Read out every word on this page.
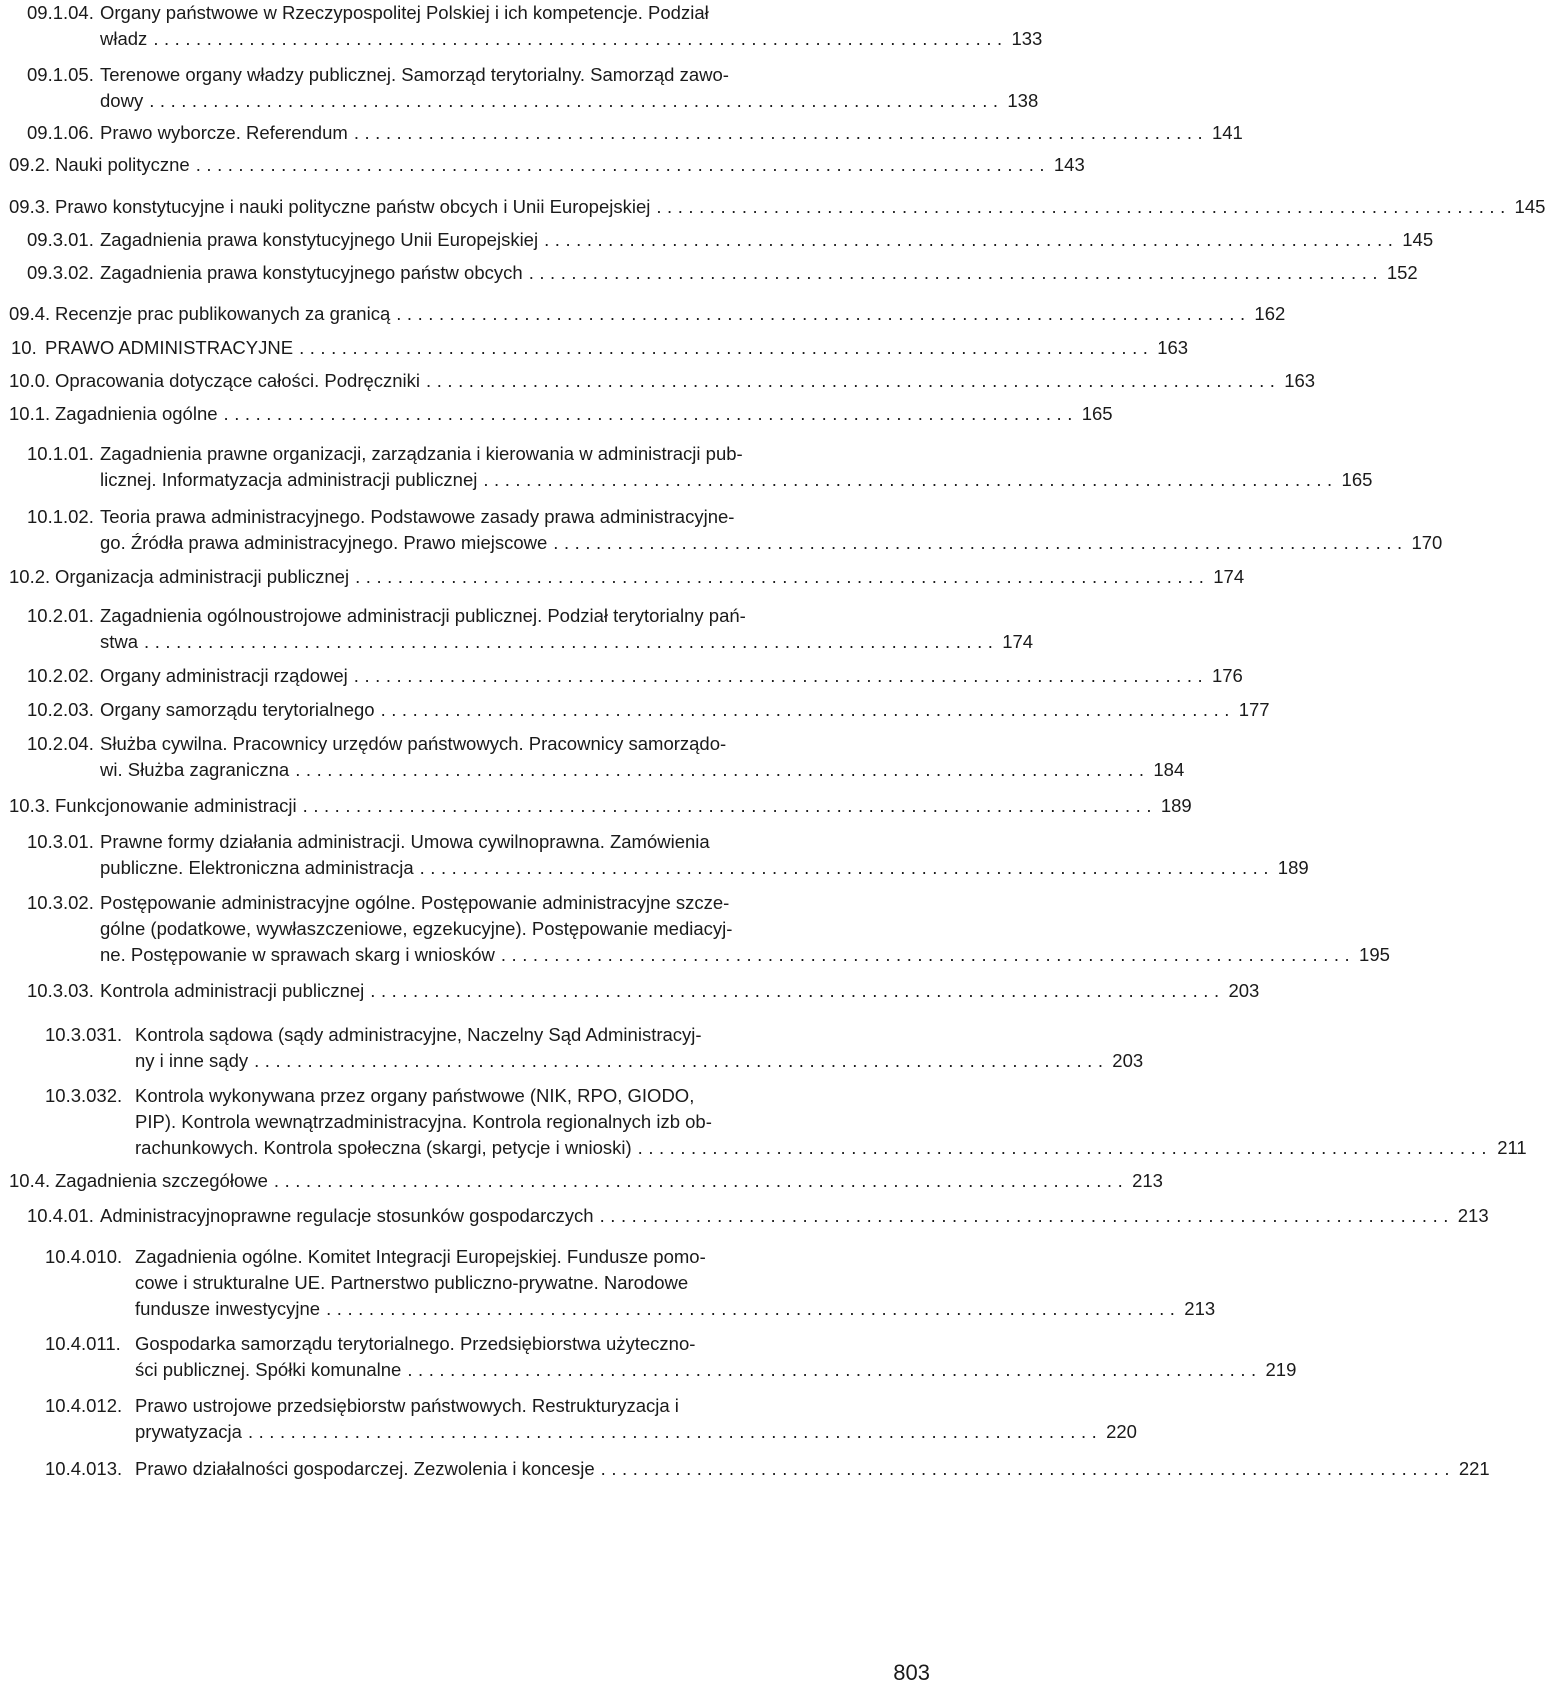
09.1.04. Organy państwowe w Rzeczypospolitej Polskiej i ich kompetencje. Podział
władz . . . . . . . . . . . . . . . . . . . . . . . . . . . . . . . . . . . . . . . . . . . . . . . . . . . . . . . . . . . . . . . . . . . . . . . . . . . . . . . . 133
09.1.05. Terenowe organy władzy publicznej. Samorząd terytorialny. Samorząd zawo-
dowy . . . . . . . . . . . . . . . . . . . . . . . . . . . . . . . . . . . . . . . . . . . . . . . . . . . . . . . . . . . . . . . . . . . . . . . . . . . . . . . . 138
09.1.06. Prawo wyborcze. Referendum . . . . . . . . . . . . . . . . . . . . . . . . . . . . . . . . . . . . . . . . . . . . . . . . . . . . . . . . . . . . . . . . . . . . . . . . . . . . . . . . 141
09.2. Nauki polityczne . . . . . . . . . . . . . . . . . . . . . . . . . . . . . . . . . . . . . . . . . . . . . . . . . . . . . . . . . . . . . . . . . . . . . . . . . . . . . . . . 143
09.3. Prawo konstytucyjne i nauki polityczne państw obcych i Unii Europejskiej . . . . . . . . . . . . . . . . . . . . . . . . . . . . . . . . . . . . . . . . . . . . . . . . . . . . . . . . . . . . . . . . . . . . . . . . . . . . . . . . 145
09.3.01. Zagadnienia prawa konstytucyjnego Unii Europejskiej . . . . . . . . . . . . . . . . . . . . . . . . . . . . . . . . . . . . . . . . . . . . . . . . . . . . . . . . . . . . . . . . . . . . . . . . . . . . . . . . 145
09.3.02. Zagadnienia prawa konstytucyjnego państw obcych . . . . . . . . . . . . . . . . . . . . . . . . . . . . . . . . . . . . . . . . . . . . . . . . . . . . . . . . . . . . . . . . . . . . . . . . . . . . . . . . 152
09.4. Recenzje prac publikowanych za granicą . . . . . . . . . . . . . . . . . . . . . . . . . . . . . . . . . . . . . . . . . . . . . . . . . . . . . . . . . . . . . . . . . . . . . . . . . . . . . . . . 162
10. PRAWO ADMINISTRACYJNE . . . . . . . . . . . . . . . . . . . . . . . . . . . . . . . . . . . . . . . . . . . . . . . . . . . . . . . . . . . . . . . . . . . . . . . . . . . . . . . . 163
10.0. Opracowania dotyczące całości. Podręczniki . . . . . . . . . . . . . . . . . . . . . . . . . . . . . . . . . . . . . . . . . . . . . . . . . . . . . . . . . . . . . . . . . . . . . . . . . . . . . . . . 163
10.1. Zagadnienia ogólne . . . . . . . . . . . . . . . . . . . . . . . . . . . . . . . . . . . . . . . . . . . . . . . . . . . . . . . . . . . . . . . . . . . . . . . . . . . . . . . . 165
10.1.01. Zagadnienia prawne organizacji, zarządzania i kierowania w administracji pub-
licznej. Informatyzacja administracji publicznej . . . . . . . . . . . . . . . . . . . . . . . . . . . . . . . . . . . . . . . . . . . . . . . . . . . . . . . . . . . . . . . . . . . . . . . . . . . . . . . . 165
10.1.02. Teoria prawa administracyjnego. Podstawowe zasady prawa administracyjne-
go. Źródła prawa administracyjnego. Prawo miejscowe . . . . . . . . . . . . . . . . . . . . . . . . . . . . . . . . . . . . . . . . . . . . . . . . . . . . . . . . . . . . . . . . . . . . . . . . . . . . . . . . 170
10.2. Organizacja administracji publicznej . . . . . . . . . . . . . . . . . . . . . . . . . . . . . . . . . . . . . . . . . . . . . . . . . . . . . . . . . . . . . . . . . . . . . . . . . . . . . . . . 174
10.2.01. Zagadnienia ogólnoustrojowe administracji publicznej. Podział terytorialny pań-
stwa . . . . . . . . . . . . . . . . . . . . . . . . . . . . . . . . . . . . . . . . . . . . . . . . . . . . . . . . . . . . . . . . . . . . . . . . . . . . . . . . 174
10.2.02. Organy administracji rządowej . . . . . . . . . . . . . . . . . . . . . . . . . . . . . . . . . . . . . . . . . . . . . . . . . . . . . . . . . . . . . . . . . . . . . . . . . . . . . . . . 176
10.2.03. Organy samorządu terytorialnego . . . . . . . . . . . . . . . . . . . . . . . . . . . . . . . . . . . . . . . . . . . . . . . . . . . . . . . . . . . . . . . . . . . . . . . . . . . . . . . . 177
10.2.04. Służba cywilna. Pracownicy urzędów państwowych. Pracownicy samorządo-
wi. Służba zagraniczna . . . . . . . . . . . . . . . . . . . . . . . . . . . . . . . . . . . . . . . . . . . . . . . . . . . . . . . . . . . . . . . . . . . . . . . . . . . . . . . . 184
10.3. Funkcjonowanie administracji . . . . . . . . . . . . . . . . . . . . . . . . . . . . . . . . . . . . . . . . . . . . . . . . . . . . . . . . . . . . . . . . . . . . . . . . . . . . . . . . 189
10.3.01. Prawne formy działania administracji. Umowa cywilnoprawna. Zamówienia
publiczne. Elektroniczna administracja . . . . . . . . . . . . . . . . . . . . . . . . . . . . . . . . . . . . . . . . . . . . . . . . . . . . . . . . . . . . . . . . . . . . . . . . . . . . . . . . 189
10.3.02. Postępowanie administracyjne ogólne. Postępowanie administracyjne szcze-
gólne (podatkowe, wywłaszczeniowe, egzekucyjne). Postępowanie mediacyj-
ne. Postępowanie w sprawach skarg i wniosków . . . . . . . . . . . . . . . . . . . . . . . . . . . . . . . . . . . . . . . . . . . . . . . . . . . . . . . . . . . . . . . . . . . . . . . . . . . . . . . . 195
10.3.03. Kontrola administracji publicznej . . . . . . . . . . . . . . . . . . . . . . . . . . . . . . . . . . . . . . . . . . . . . . . . . . . . . . . . . . . . . . . . . . . . . . . . . . . . . . . . 203
10.3.031. Kontrola sądowa (sądy administracyjne, Naczelny Sąd Administracyj-
ny i inne sądy . . . . . . . . . . . . . . . . . . . . . . . . . . . . . . . . . . . . . . . . . . . . . . . . . . . . . . . . . . . . . . . . . . . . . . . . . . . . . . . . 203
10.3.032. Kontrola wykonywana przez organy państwowe (NIK, RPO, GIODO,
PIP). Kontrola wewnątrzadministracyjna. Kontrola regionalnych izb ob-
rachunkowych. Kontrola społeczna (skargi, petycje i wnioski) . . . . . . . . . . . . . . . . . . . . . . . . . . . . . . . . . . . . . . . . . . . . . . . . . . . . . . . . . . . . . . . . . . . . . . . . . . . . . . . . 211
10.4. Zagadnienia szczegółowe . . . . . . . . . . . . . . . . . . . . . . . . . . . . . . . . . . . . . . . . . . . . . . . . . . . . . . . . . . . . . . . . . . . . . . . . . . . . . . . . 213
10.4.01. Administracyjnoprawne regulacje stosunków gospodarczych . . . . . . . . . . . . . . . . . . . . . . . . . . . . . . . . . . . . . . . . . . . . . . . . . . . . . . . . . . . . . . . . . . . . . . . . . . . . . . . . 213
10.4.010. Zagadnienia ogólne. Komitet Integracji Europejskiej. Fundusze pomo-
cowe i strukturalne UE. Partnerstwo publiczno-prywatne. Narodowe
fundusze inwestycyjne . . . . . . . . . . . . . . . . . . . . . . . . . . . . . . . . . . . . . . . . . . . . . . . . . . . . . . . . . . . . . . . . . . . . . . . . . . . . . . . . 213
10.4.011. Gospodarka samorządu terytorialnego. Przedsiębiorstwa użyteczno-
ści publicznej. Spółki komunalne . . . . . . . . . . . . . . . . . . . . . . . . . . . . . . . . . . . . . . . . . . . . . . . . . . . . . . . . . . . . . . . . . . . . . . . . . . . . . . . . 219
10.4.012. Prawo ustrojowe przedsiębiorstw państwowych. Restrukturyzacja i
prywatyzacja . . . . . . . . . . . . . . . . . . . . . . . . . . . . . . . . . . . . . . . . . . . . . . . . . . . . . . . . . . . . . . . . . . . . . . . . . . . . . . . . 220
10.4.013. Prawo działalności gospodarczej. Zezwolenia i koncesje . . . . . . . . . . . . . . . . . . . . . . . . . . . . . . . . . . . . . . . . . . . . . . . . . . . . . . . . . . . . . . . . . . . . . . . . . . . . . . . . 221
803
